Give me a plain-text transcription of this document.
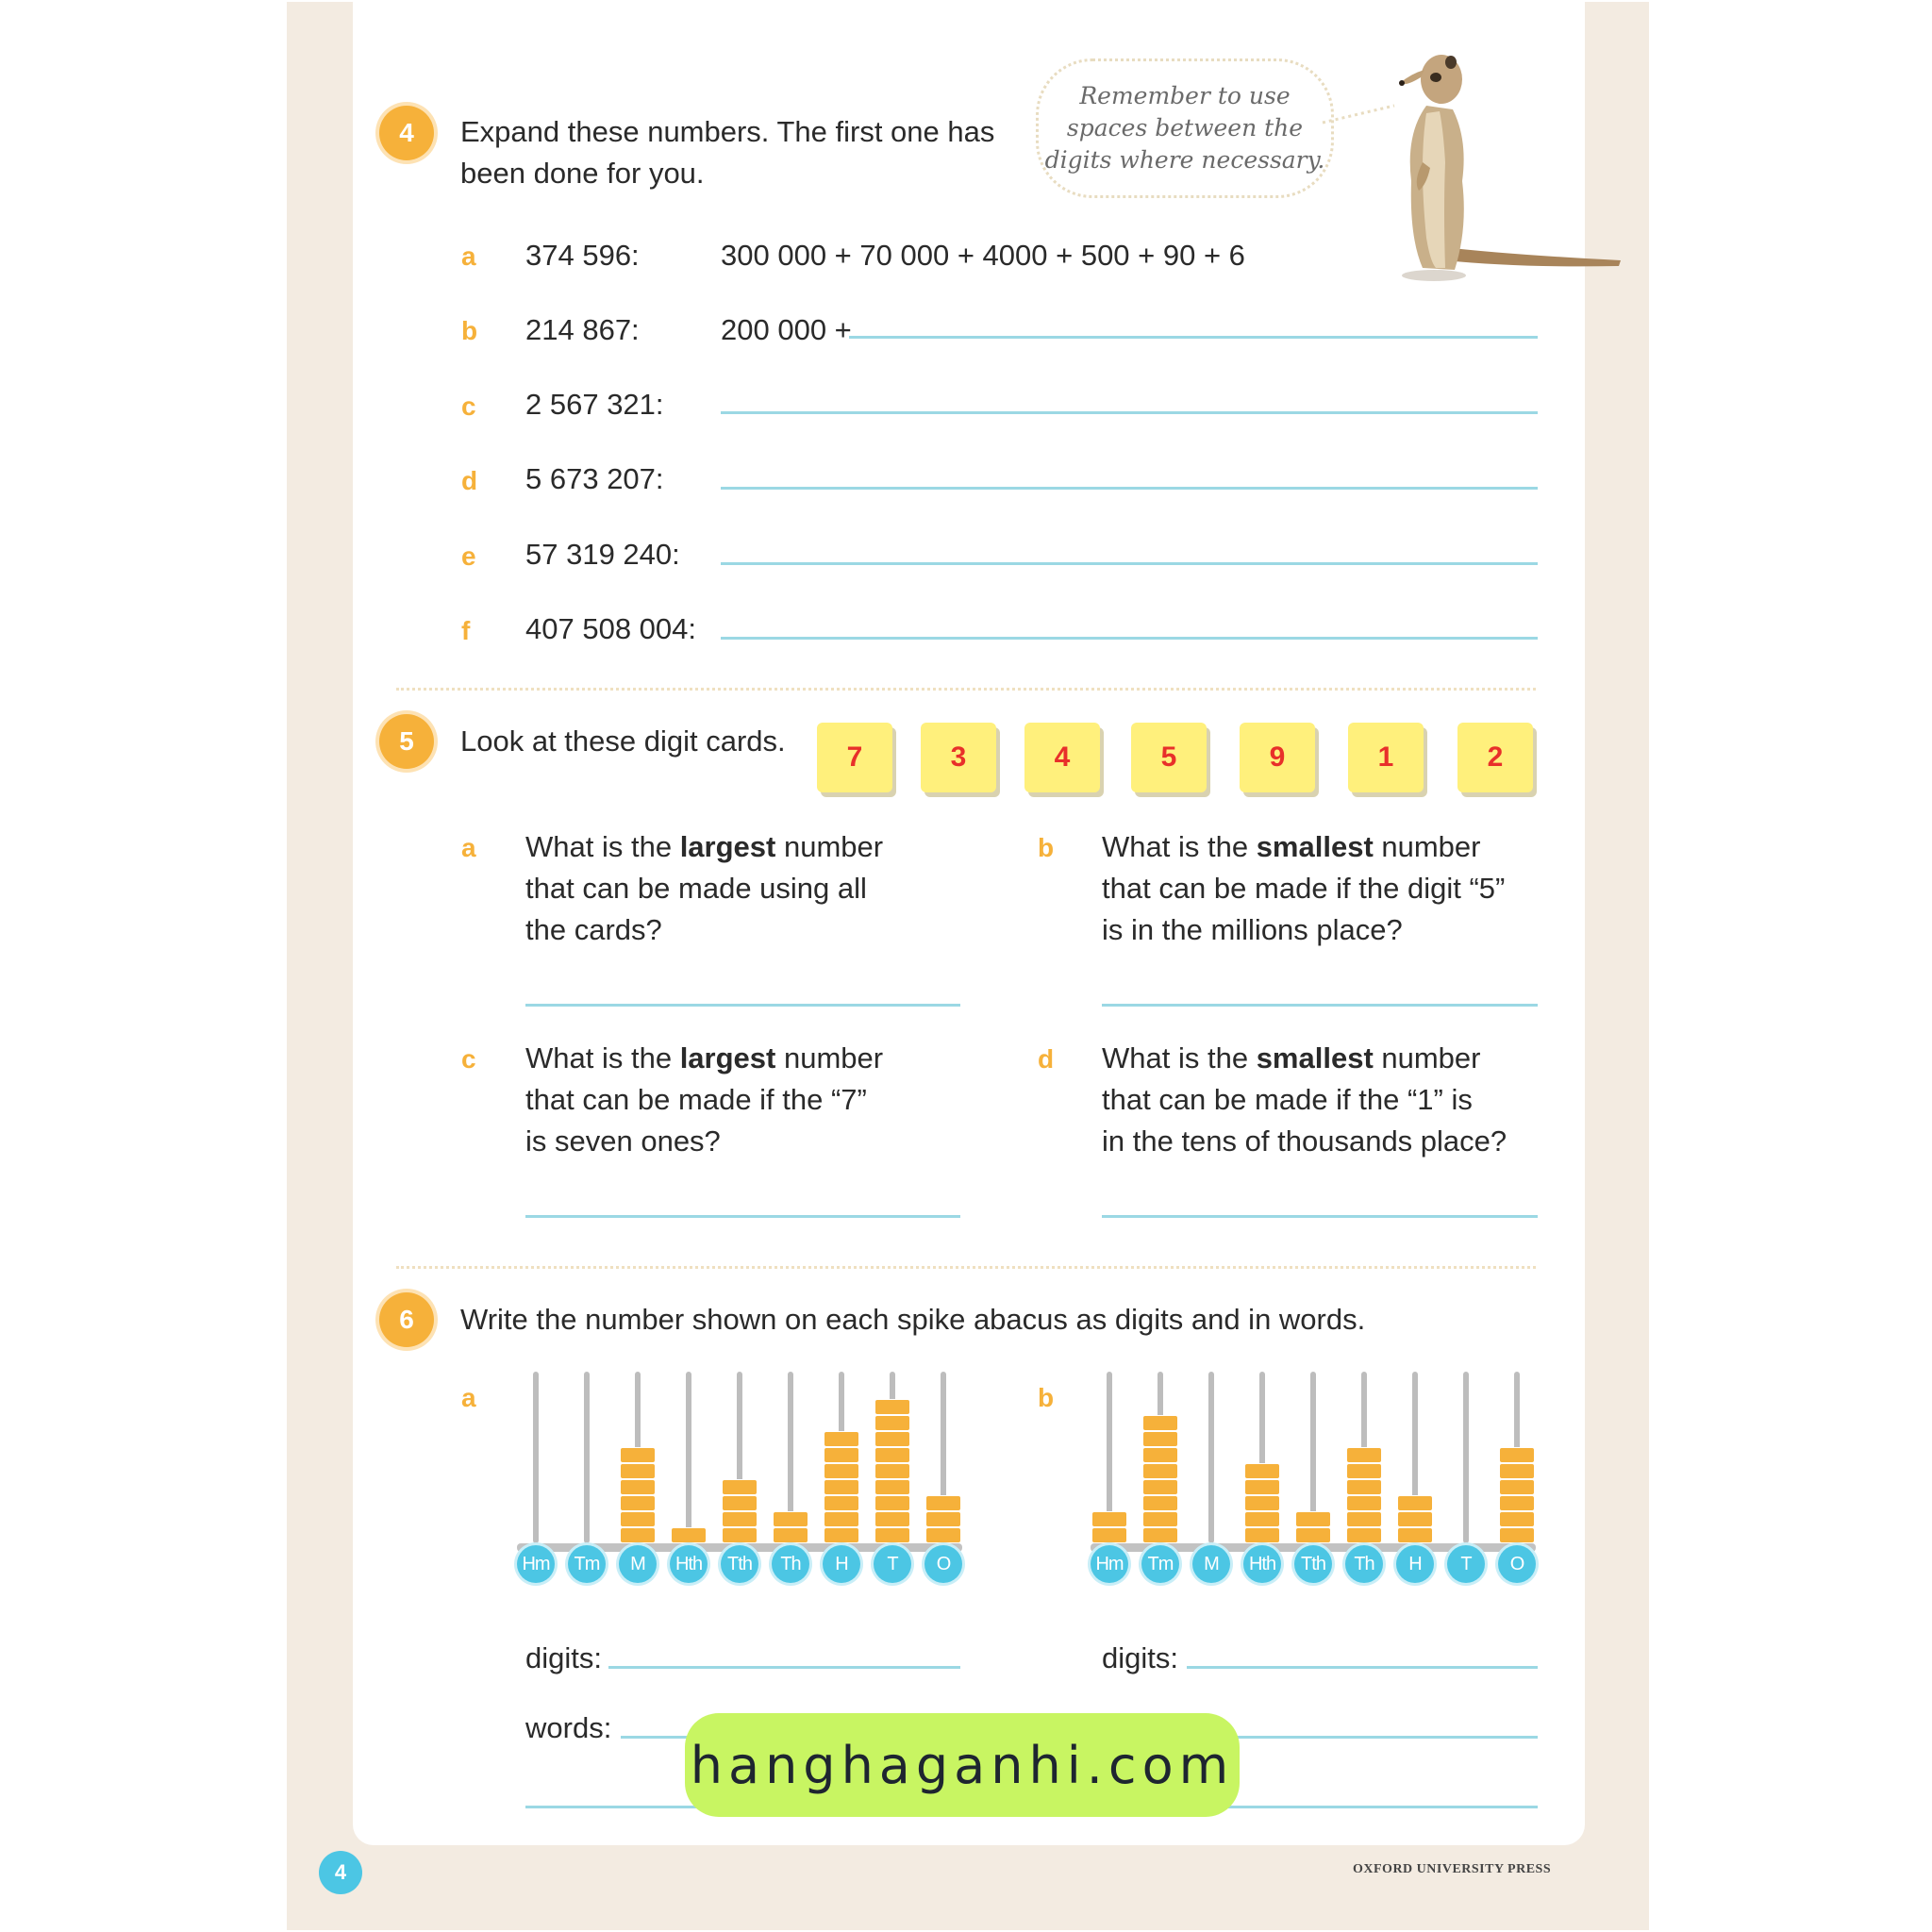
4	Expand these numbers. The first one has
been done for you.
Remember to use
spaces between the
digits where necessary.
a 374 596:	300 000 + 70 000 + 4000 + 500 + 90 + 6
b 214 867:	200 000 +
c 2 567 321:
d 5 673 207:
e 57 319 240:
f 407 508 004:
5	Look at these digit cards.	7	3	4	5	9	1	2
a What is the largest number
that can be made using all
the cards?
b What is the smallest number
that can be made if the digit “5”
is in the millions place?
c What is the largest number
that can be made if the “7”
is seven ones?
d What is the smallest number
that can be made if the “1” is
in the tens of thousands place?
6	Write the number shown on each spike abacus as digits and in words.
a	b
Hm	Tm	M	Hth	Tth	Th	H	T	O	Hm	Tm	M	Hth	Tth	Th	H	T	O
digits:
words:
digits:
hanghaganhi.com
4	OXFORD UNIVERSITY PRESS
